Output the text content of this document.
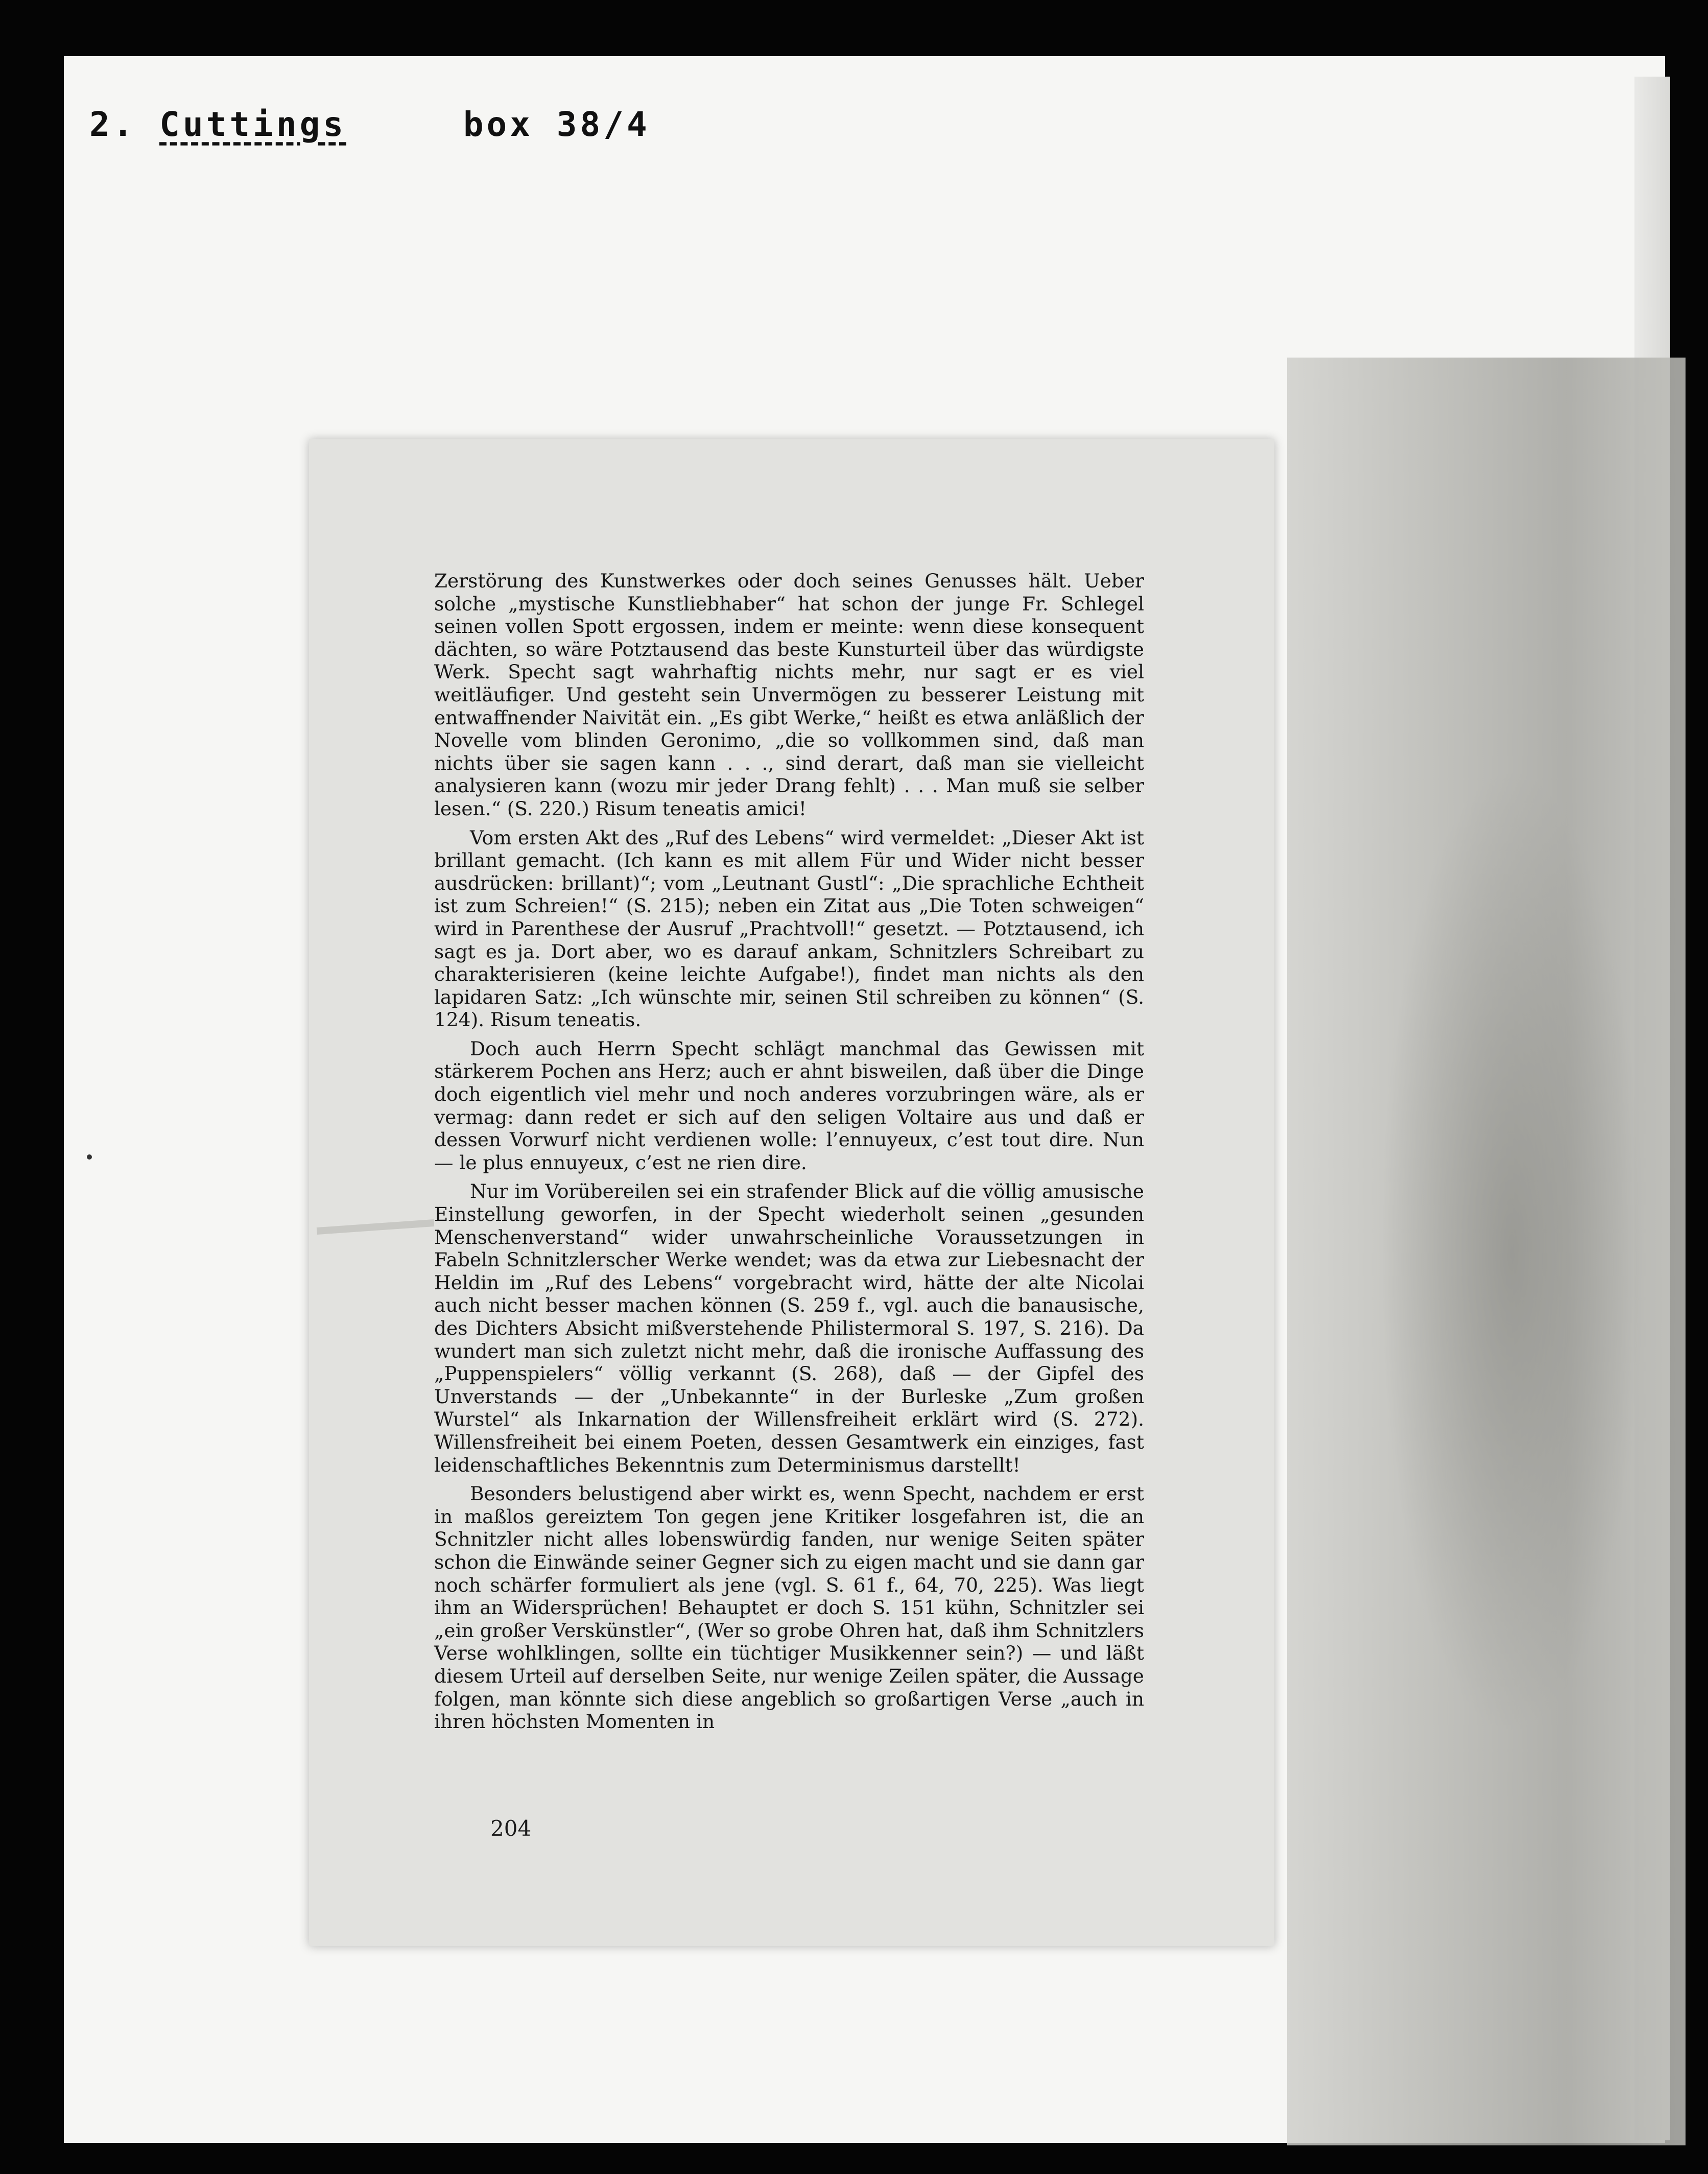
2. Cuttings	box 38/4

Zerstörung des Kunstwerkes oder doch seines Genusses hält. Ueber solche „mystische Kunstliebhaber“ hat schon der junge Fr. Schlegel seinen vollen Spott ergossen, indem er meinte: wenn diese konsequent dächten, so wäre Potztausend das beste Kunsturteil über das würdigste Werk. Specht sagt wahrhaftig nichts mehr, nur sagt er es viel weitläufiger. Und gesteht sein Unvermögen zu besserer Leistung mit entwaffnender Naivität ein. „Es gibt Werke,“ heißt es etwa anläßlich der Novelle vom blinden Geronimo, „die so vollkommen sind, daß man nichts über sie sagen kann . . ., sind derart, daß man sie vielleicht analysieren kann (wozu mir jeder Drang fehlt) . . . Man muß sie selber lesen.“ (S. 220.) Risum teneatis amici!

Vom ersten Akt des „Ruf des Lebens“ wird vermeldet: „Dieser Akt ist brillant gemacht. (Ich kann es mit allem Für und Wider nicht besser ausdrücken: brillant)“; vom „Leutnant Gustl“: „Die sprachliche Echtheit ist zum Schreien!“ (S. 215); neben ein Zitat aus „Die Toten schweigen“ wird in Parenthese der Ausruf „Prachtvoll!“ gesetzt. — Potztausend, ich sagt es ja. Dort aber, wo es darauf ankam, Schnitzlers Schreibart zu charakterisieren (keine leichte Aufgabe!), findet man nichts als den lapidaren Satz: „Ich wünschte mir, seinen Stil schreiben zu können“ (S. 124). Risum teneatis.

Doch auch Herrn Specht schlägt manchmal das Gewissen mit stärkerem Pochen ans Herz; auch er ahnt bisweilen, daß über die Dinge doch eigentlich viel mehr und noch anderes vorzubringen wäre, als er vermag: dann redet er sich auf den seligen Voltaire aus und daß er dessen Vorwurf nicht verdienen wolle: l’ennuyeux, c’est tout dire. Nun — le plus ennuyeux, c’est ne rien dire.

Nur im Vorübereilen sei ein strafender Blick auf die völlig amusische Einstellung geworfen, in der Specht wiederholt seinen „gesunden Menschenverstand“ wider unwahrscheinliche Voraussetzungen in Fabeln Schnitzlerscher Werke wendet; was da etwa zur Liebesnacht der Heldin im „Ruf des Lebens“ vorgebracht wird, hätte der alte Nicolai auch nicht besser machen können (S. 259 f., vgl. auch die banausische, des Dichters Absicht mißverstehende Philistermoral S. 197, S. 216). Da wundert man sich zuletzt nicht mehr, daß die ironische Auffassung des „Puppenspielers“ völlig verkannt (S. 268), daß — der Gipfel des Unverstands — der „Unbekannte“ in der Burleske „Zum großen Wurstel“ als Inkarnation der Willensfreiheit erklärt wird (S. 272). Willensfreiheit bei einem Poeten, dessen Gesamtwerk ein einziges, fast leidenschaftliches Bekenntnis zum Determinismus darstellt!

Besonders belustigend aber wirkt es, wenn Specht, nachdem er erst in maßlos gereiztem Ton gegen jene Kritiker losgefahren ist, die an Schnitzler nicht alles lobenswürdig fanden, nur wenige Seiten später schon die Einwände seiner Gegner sich zu eigen macht und sie dann gar noch schärfer formuliert als jene (vgl. S. 61 f., 64, 70, 225). Was liegt ihm an Widersprüchen! Behauptet er doch S. 151 kühn, Schnitzler sei „ein großer Verskünstler“, (Wer so grobe Ohren hat, daß ihm Schnitzlers Verse wohlklingen, sollte ein tüchtiger Musikkenner sein?) — und läßt diesem Urteil auf derselben Seite, nur wenige Zeilen später, die Aussage folgen, man könnte sich diese angeblich so großartigen Verse „auch in ihren höchsten Momenten in

204
